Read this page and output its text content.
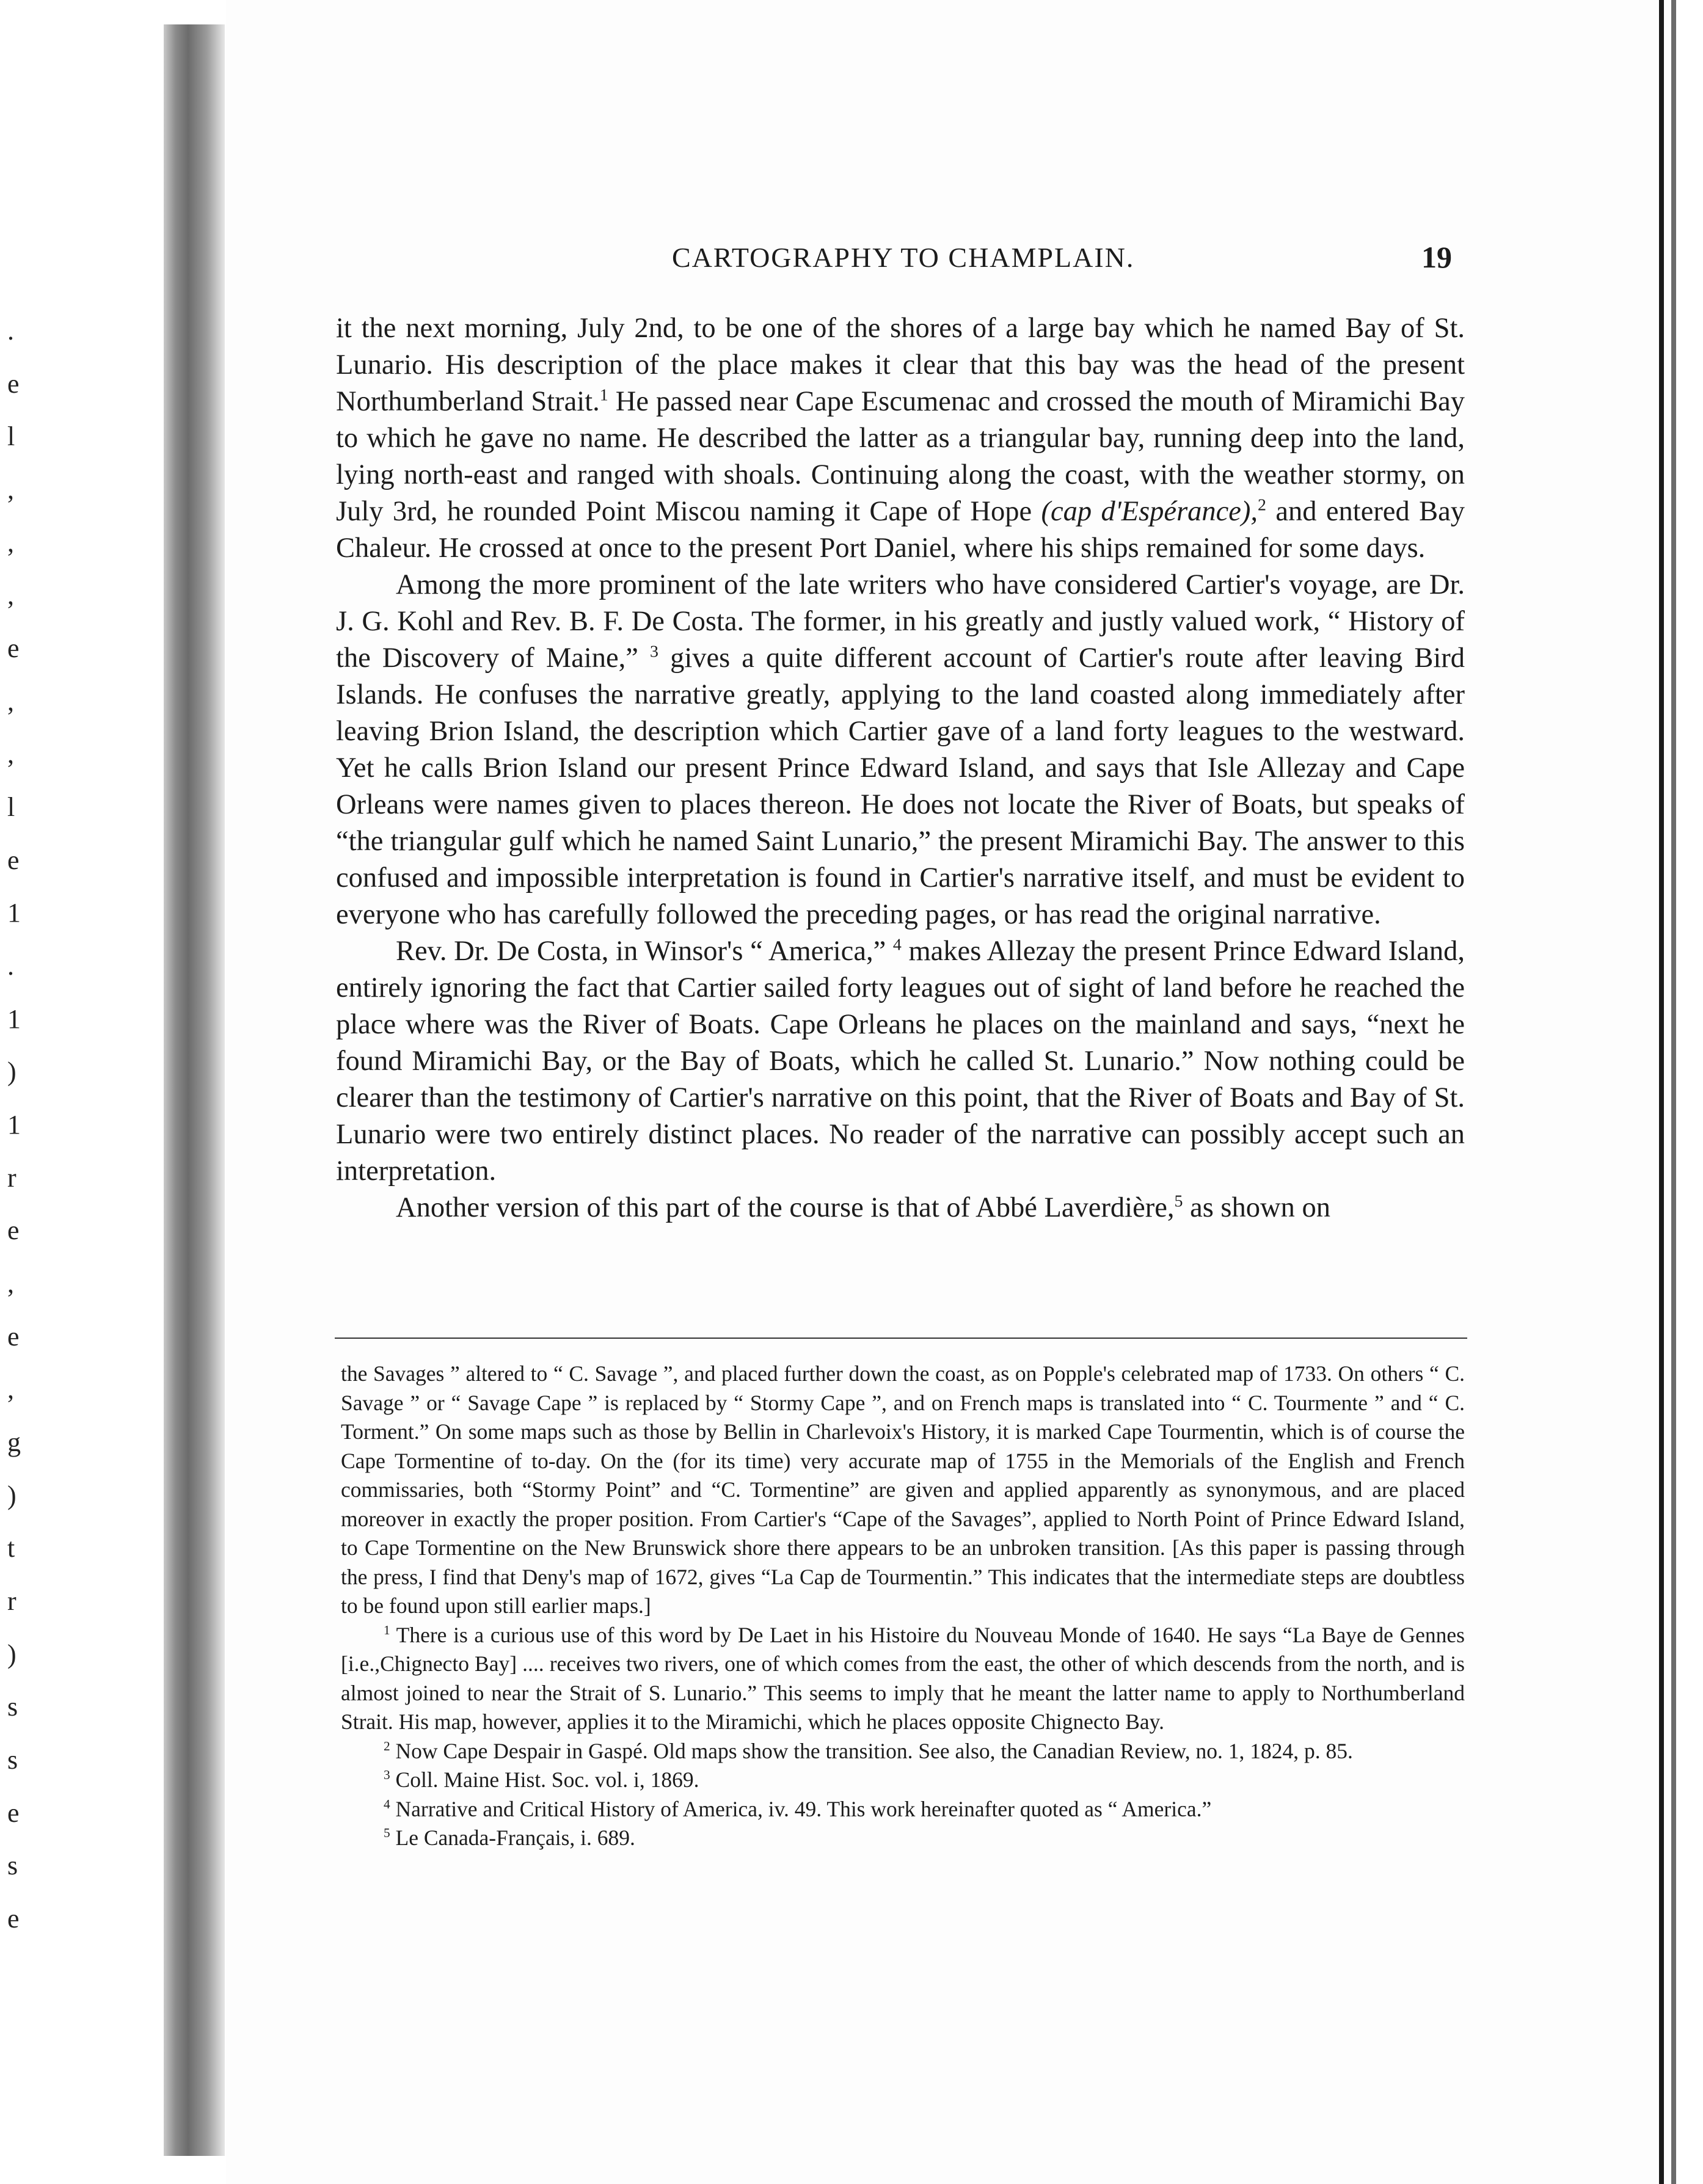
.
e
l
,
,
,
e
,
,
l
e
1
.
1
)
1
r
e
,
e
,
g
)
t
r
)
s
s
e
s
e
CARTOGRAPHY TO CHAMPLAIN.	19

it the next morning, July 2nd, to be one of the shores of a large bay which he named Bay of St. Lunario. His description of the place makes it clear that this bay was the head of the present Northumberland Strait.$^1$ He passed near Cape Escumenac and crossed the mouth of Miramichi Bay to which he gave no name. He described the latter as a triangular bay, running deep into the land, lying north-east and ranged with shoals. Continuing along the coast, with the weather stormy, on July 3rd, he rounded Point Miscou naming it Cape of Hope (cap d'Espérance),$^2$ and entered Bay Chaleur. He crossed at once to the present Port Daniel, where his ships remained for some days.

Among the more prominent of the late writers who have considered Cartier's voyage, are Dr. J. G. Kohl and Rev. B. F. De Costa. The former, in his greatly and justly valued work, “ History of the Discovery of Maine,” $^3$ gives a quite different account of Cartier's route after leaving Bird Islands. He confuses the narrative greatly, applying to the land coasted along immediately after leaving Brion Island, the description which Cartier gave of a land forty leagues to the westward. Yet he calls Brion Island our present Prince Edward Island, and says that Isle Allezay and Cape Orleans were names given to places thereon. He does not locate the River of Boats, but speaks of “the triangular gulf which he named Saint Lunario,” the present Miramichi Bay. The answer to this confused and impossible interpretation is found in Cartier's narrative itself, and must be evident to everyone who has carefully followed the preceding pages, or has read the original narrative.

Rev. Dr. De Costa, in Winsor's “ America,” $^4$ makes Allezay the present Prince Edward Island, entirely ignoring the fact that Cartier sailed forty leagues out of sight of land before he reached the place where was the River of Boats. Cape Orleans he places on the mainland and says, “next he found Miramichi Bay, or the Bay of Boats, which he called St. Lunario.” Now nothing could be clearer than the testimony of Cartier's narrative on this point, that the River of Boats and Bay of St. Lunario were two entirely distinct places. No reader of the narrative can possibly accept such an interpretation.

Another version of this part of the course is that of Abbé Laverdière,$^5$ as shown on

the Savages ” altered to “ C. Savage ”, and placed further down the coast, as on Popple's celebrated map of 1733. On others “ C. Savage ” or “ Savage Cape ” is replaced by “ Stormy Cape ”, and on French maps is translated into “ C. Tourmente ” and “ C. Torment.” On some maps such as those by Bellin in Charlevoix's History, it is marked Cape Tourmentin, which is of course the Cape Tormentine of to-day. On the (for its time) very accurate map of 1755 in the Memorials of the English and French commissaries, both “Stormy Point” and “C. Tormentine” are given and applied apparently as synonymous, and are placed moreover in exactly the proper position. From Cartier's “Cape of the Savages”, applied to North Point of Prince Edward Island, to Cape Tormentine on the New Brunswick shore there appears to be an unbroken transition. [As this paper is passing through the press, I find that Deny's map of 1672, gives “La Cap de Tourmentin.” This indicates that the intermediate steps are doubtless to be found upon still earlier maps.]

$^1$ There is a curious use of this word by De Laet in his Histoire du Nouveau Monde of 1640. He says “La Baye de Gennes [i.e.,Chignecto Bay] .... receives two rivers, one of which comes from the east, the other of which descends from the north, and is almost joined to near the Strait of S. Lunario.” This seems to imply that he meant the latter name to apply to Northumberland Strait. His map, however, applies it to the Miramichi, which he places opposite Chignecto Bay.

$^2$ Now Cape Despair in Gaspé. Old maps show the transition. See also, the Canadian Review, no. 1, 1824, p. 85.

$^3$ Coll. Maine Hist. Soc. vol. i, 1869.

$^4$ Narrative and Critical History of America, iv. 49. This work hereinafter quoted as “ America.”

$^5$ Le Canada-Français, i. 689.
